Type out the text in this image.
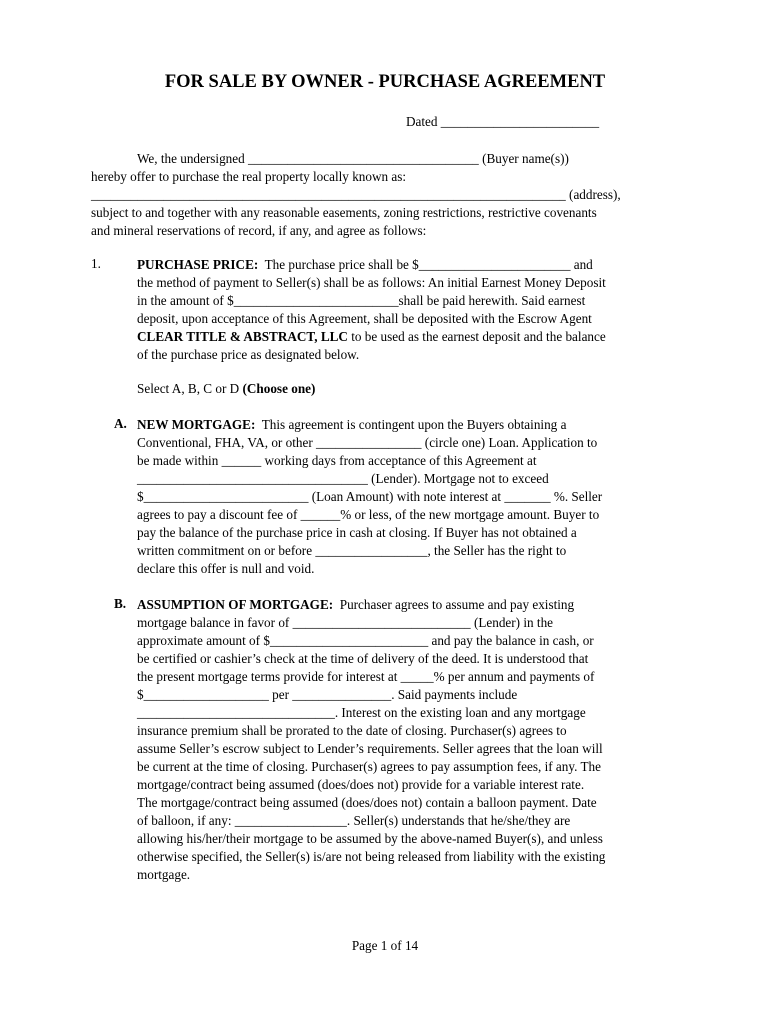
FOR SALE BY OWNER - PURCHASE AGREEMENT
Dated ________________________

We, the undersigned ___________________________________ (Buyer name(s))

hereby offer to purchase the real property locally known as:

________________________________________________________________________ (address),

subject to and together with any reasonable easements, zoning restrictions, restrictive covenants

and mineral reservations of record, if any, and agree as follows:

1.	PURCHASE PRICE:  The purchase price shall be $_______________________ and

the method of payment to Seller(s) shall be as follows: An initial Earnest Money Deposit

in the amount of $_________________________shall be paid herewith. Said earnest

deposit, upon acceptance of this Agreement, shall be deposited with the Escrow Agent

CLEAR TITLE & ABSTRACT, LLC to be used as the earnest deposit and the balance

of the purchase price as designated below.

Select A, B, C or D (Choose one)

A. NEW MORTGAGE:  This agreement is contingent upon the Buyers obtaining a

Conventional, FHA, VA, or other ________________ (circle one) Loan. Application to

be made within ______ working days from acceptance of this Agreement at

___________________________________ (Lender). Mortgage not to exceed

$_________________________ (Loan Amount) with note interest at _______ %. Seller

agrees to pay a discount fee of ______% or less, of the new mortgage amount. Buyer to

pay the balance of the purchase price in cash at closing. If Buyer has not obtained a

written commitment on or before _________________, the Seller has the right to

declare this offer is null and void.

B. ASSUMPTION OF MORTGAGE:  Purchaser agrees to assume and pay existing

mortgage balance in favor of ___________________________ (Lender) in the

approximate amount of $________________________ and pay the balance in cash, or

be certified or cashier’s check at the time of delivery of the deed. It is understood that

the present mortgage terms provide for interest at _____% per annum and payments of

$___________________ per _______________. Said payments include

______________________________. Interest on the existing loan and any mortgage

insurance premium shall be prorated to the date of closing. Purchaser(s) agrees to

assume Seller’s escrow subject to Lender’s requirements. Seller agrees that the loan will

be current at the time of closing. Purchaser(s) agrees to pay assumption fees, if any. The

mortgage/contract being assumed (does/does not) provide for a variable interest rate.

The mortgage/contract being assumed (does/does not) contain a balloon payment. Date

of balloon, if any: _________________. Seller(s) understands that he/she/they are

allowing his/her/their mortgage to be assumed by the above-named Buyer(s), and unless

otherwise specified, the Seller(s) is/are not being released from liability with the existing

mortgage.

Page 1 of 14
